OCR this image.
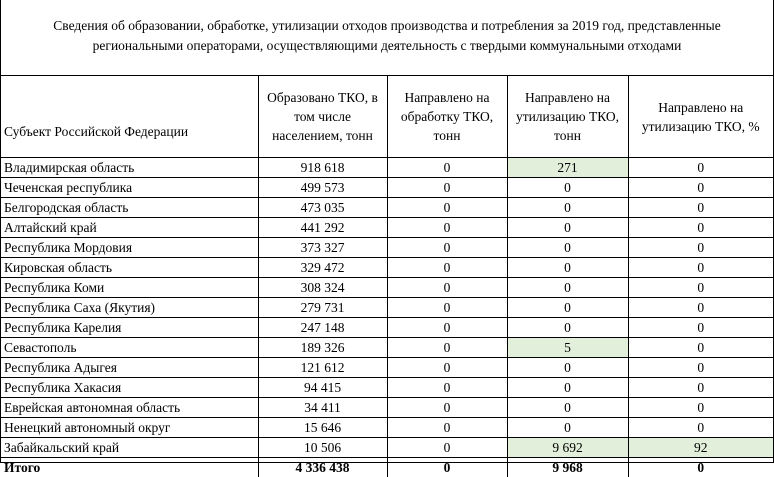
Сведения об образовании, обработке, утилизации отходов производства и потребления за 2019 год, представленные региональными операторами, осуществляющими деятельность с твердыми коммунальными отходами
Субъект Российской Федерации	Образовано ТКО, в том числе населением, тонн	Направлено на обработку ТКО, тонн	Направлено на утилизацию ТКО, тонн	Направлено на утилизацию ТКО, %
Владимирская область	918 618	0	271	0
Чеченская республика	499 573	0	0	0
Белгородская область	473 035	0	0	0
Алтайский край	441 292	0	0	0
Республика Мордовия	373 327	0	0	0
Кировская область	329 472	0	0	0
Республика Коми	308 324	0	0	0
Республика Саха (Якутия)	279 731	0	0	0
Республика Карелия	247 148	0	0	0
Севастополь	189 326	0	5	0
Республика Адыгея	121 612	0	0	0
Республика Хакасия	94 415	0	0	0
Еврейская автономная область	34 411	0	0	0
Ненецкий автономный округ	15 646	0	0	0
Забайкальский край	10 506	0	9 692	92
Итого	4 336 438	0	9 968	0
